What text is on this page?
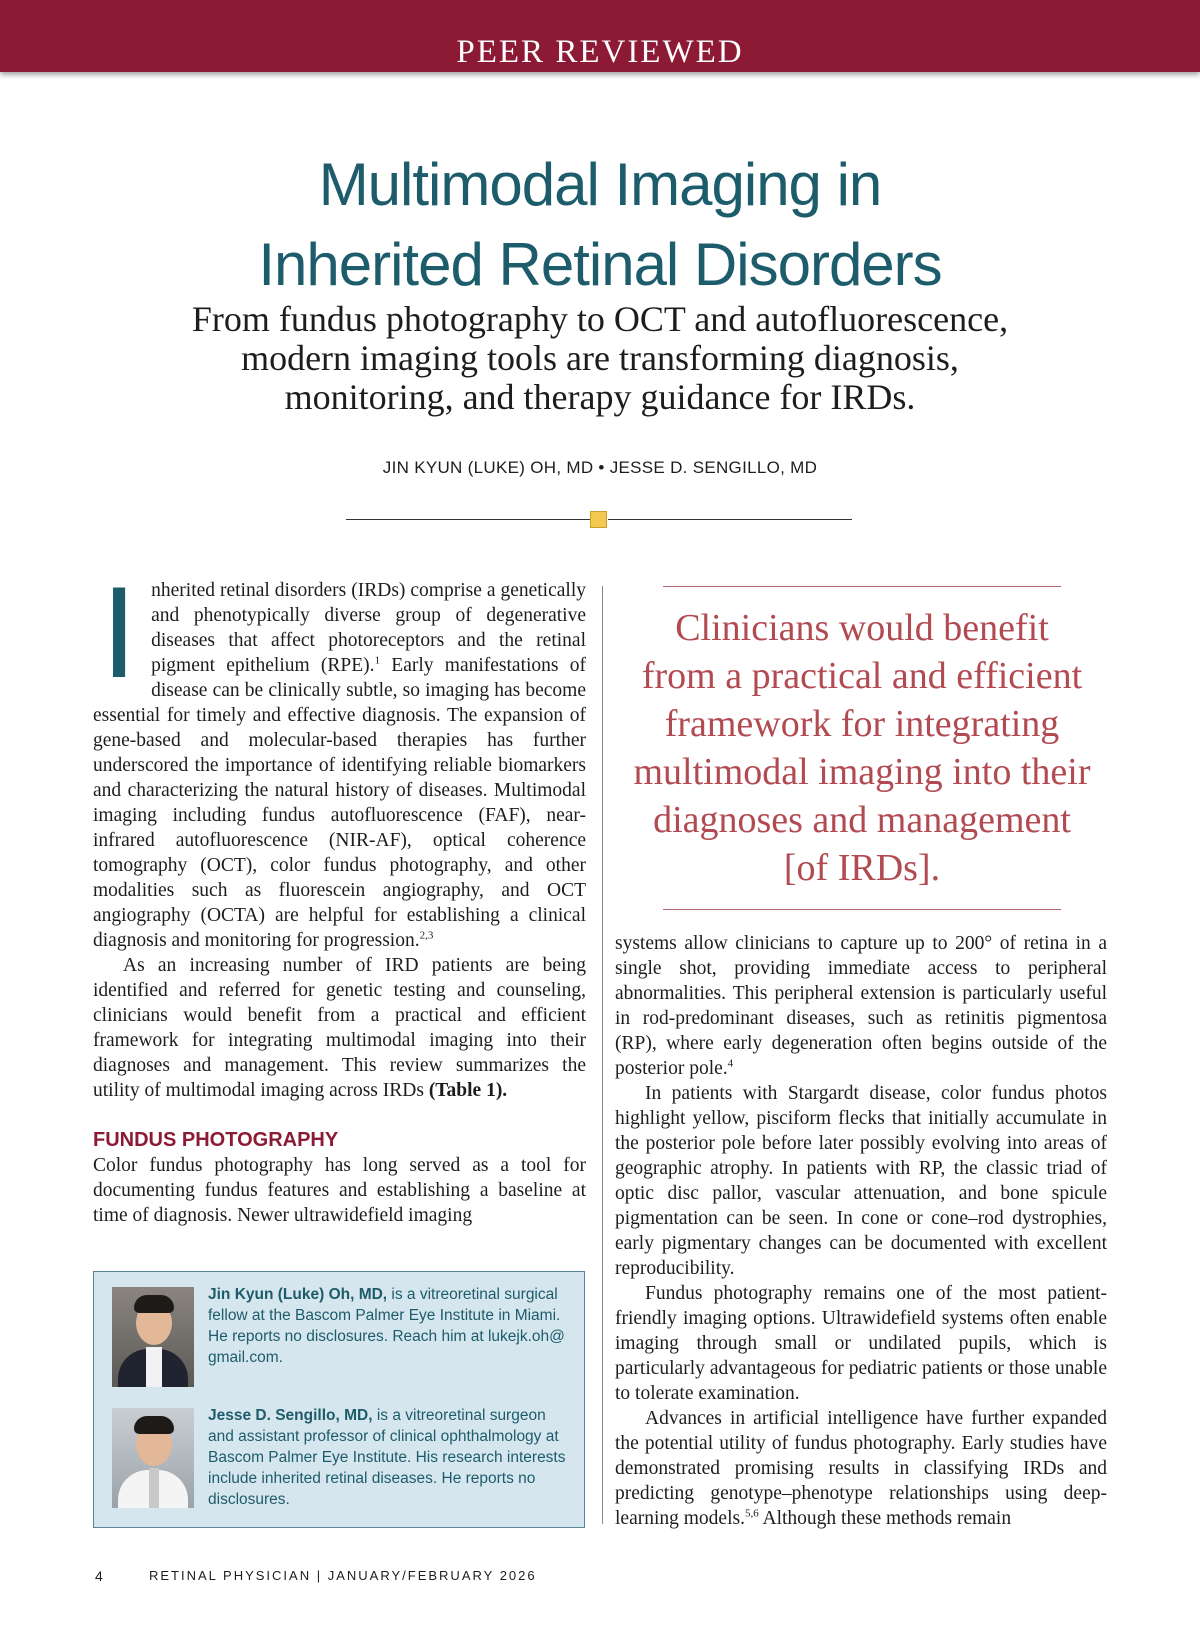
PEER REVIEWED
Multimodal Imaging in
Inherited Retinal Disorders
From fundus photography to OCT and autofluorescence,
modern imaging tools are transforming diagnosis,
monitoring, and therapy guidance for IRDs.
JIN KYUN (LUKE) OH, MD • JESSE D. SENGILLO, MD

Inherited retinal disorders (IRDs) comprise a genetically and phenotypically diverse group of degenerative diseases that affect photoreceptors and the retinal pigment epithelium (RPE).$^1$ Early manifestations of disease can be clinically subtle, so imaging has become essential for timely and effective diagnosis. The expansion of gene-based and molecular-based therapies has further underscored the importance of identifying reliable biomarkers and characterizing the natural history of diseases. Multimodal imaging including fundus autofluorescence (FAF), near-infrared autofluorescence (NIR-AF), optical coherence tomography (OCT), color fundus photography, and other modalities such as fluorescein angiography, and OCT angiography (OCTA) are helpful for establishing a clinical diagnosis and monitoring for progression.$^{2,3}$

As an increasing number of IRD patients are being identified and referred for genetic testing and counseling, clinicians would benefit from a practical and efficient framework for integrating multimodal imaging into their diagnoses and management. This review summarizes the utility of multimodal imaging across IRDs (Table 1).

FUNDUS PHOTOGRAPHY

Color fundus photography has long served as a tool for documenting fundus features and establishing a baseline at time of diagnosis. Newer ultrawidefield imaging

Clinicians would benefit
from a practical and efficient
framework for integrating
multimodal imaging into their
diagnoses and management
[of IRDs].

systems allow clinicians to capture up to 200° of retina in a single shot, providing immediate access to peripheral abnormalities. This peripheral extension is particularly useful in rod-predominant diseases, such as retinitis pigmentosa (RP), where early degeneration often begins outside of the posterior pole.$^4$

In patients with Stargardt disease, color fundus photos highlight yellow, pisciform flecks that initially accumulate in the posterior pole before later possibly evolving into areas of geographic atrophy. In patients with RP, the classic triad of optic disc pallor, vascular attenuation, and bone spicule pigmentation can be seen. In cone or cone–rod dystrophies, early pigmentary changes can be documented with excellent reproducibility.

Fundus photography remains one of the most patient-friendly imaging options. Ultrawidefield systems often enable imaging through small or undilated pupils, which is particularly advantageous for pediatric patients or those unable to tolerate examination.

Advances in artificial intelligence have further expanded the potential utility of fundus photography. Early studies have demonstrated promising results in classifying IRDs and predicting genotype–phenotype relationships using deep-learning models.$^{5,6}$ Although these methods remain

Jin Kyun (Luke) Oh, MD, is a vitreoretinal surgical fellow at the Bascom Palmer Eye Institute in Miami. He reports no disclosures. Reach him at lukejk.oh@ gmail.com.
Jesse D. Sengillo, MD, is a vitreoretinal surgeon and assistant professor of clinical ophthalmology at Bascom Palmer Eye Institute. His research interests include inherited retinal diseases. He reports no disclosures.
4	RETINAL PHYSICIAN | JANUARY/FEBRUARY 2026
